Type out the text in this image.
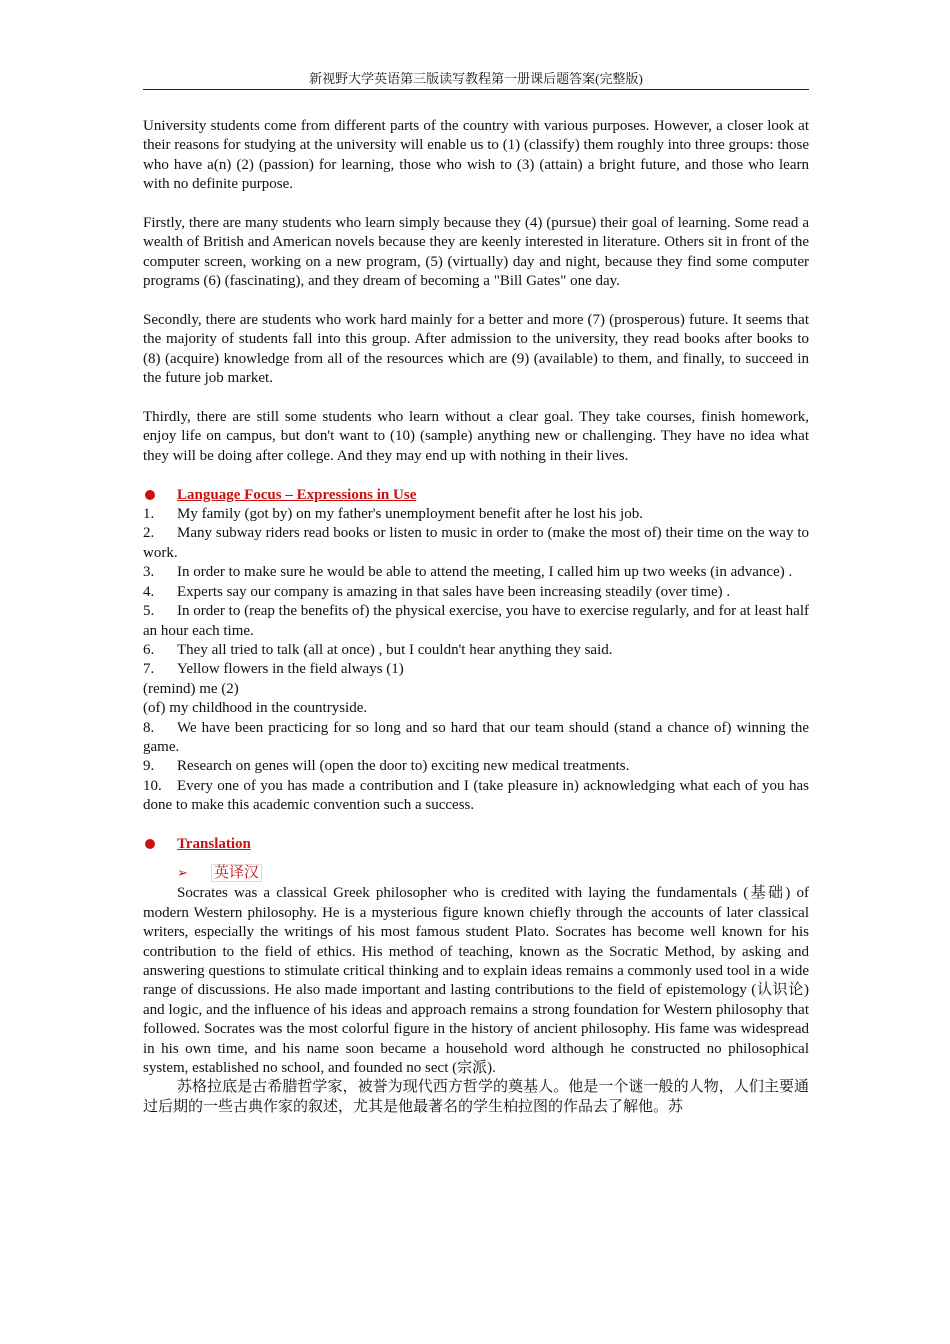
新视野大学英语第三版读写教程第一册课后题答案(完整版)

University students come from different parts of the country with various purposes. However, a closer look at their reasons for studying at the university will enable us to (1) (classify) them roughly into three groups: those who have a(n) (2) (passion) for learning, those who wish to (3) (attain) a bright future, and those who learn with no definite purpose.

Firstly, there are many students who learn simply because they (4) (pursue) their goal of learning. Some read a wealth of British and American novels because they are keenly interested in literature. Others sit in front of the computer screen, working on a new program, (5) (virtually) day and night, because they find some computer programs (6) (fascinating), and they dream of becoming a "Bill Gates" one day.

Secondly, there are students who work hard mainly for a better and more (7) (prosperous) future. It seems that the majority of students fall into this group. After admission to the university, they read books after books to (8) (acquire) knowledge from all of the resources which are (9) (available) to them, and finally, to succeed in the future job market.

Thirdly, there are still some students who learn without a clear goal. They take courses, finish homework, enjoy life on campus, but don't want to (10) (sample) anything new or challenging. They have no idea what they will be doing after college. And they may end up with nothing in their lives.

Language Focus – Expressions in Use

1. My family (got by) on my father's unemployment benefit after he lost his job.

2. Many subway riders read books or listen to music in order to (make the most of) their time on the way to work.

3. In order to make sure he would be able to attend the meeting, I called him up two weeks (in advance) .

4. Experts say our company is amazing in that sales have been increasing steadily (over time) .

5. In order to (reap the benefits of) the physical exercise, you have to exercise regularly, and for at least half an hour each time.

6. They all tried to talk (all at once) , but I couldn't hear anything they said.

7. Yellow flowers in the field always (1)

(remind) me (2)

(of) my childhood in the countryside.

8. We have been practicing for so long and so hard that our team should (stand a chance of) winning the game.

9. Research on genes will (open the door to) exciting new medical treatments.

10. Every one of you has made a contribution and I (take pleasure in) acknowledging what each of you has done to make this academic convention such a success.

Translation
➢ 英译汉

Socrates was a classical Greek philosopher who is credited with laying the fundamentals (基础) of modern Western philosophy. He is a mysterious figure known chiefly through the accounts of later classical writers, especially the writings of his most famous student Plato. Socrates has become well known for his contribution to the field of ethics. His method of teaching, known as the Socratic Method, by asking and answering questions to stimulate critical thinking and to explain ideas remains a commonly used tool in a wide range of discussions. He also made important and lasting contributions to the field of epistemology (认识论) and logic, and the influence of his ideas and approach remains a strong foundation for Western philosophy that followed. Socrates was the most colorful figure in the history of ancient philosophy. His fame was widespread in his own time, and his name soon became a household word although he constructed no philosophical system, established no school, and founded no sect (宗派).

苏格拉底是古希腊哲学家，被誉为现代西方哲学的奠基人。他是一个谜一般的人物，人们主要通过后期的一些古典作家的叙述，尤其是他最著名的学生柏拉图的作品去了解他。苏
